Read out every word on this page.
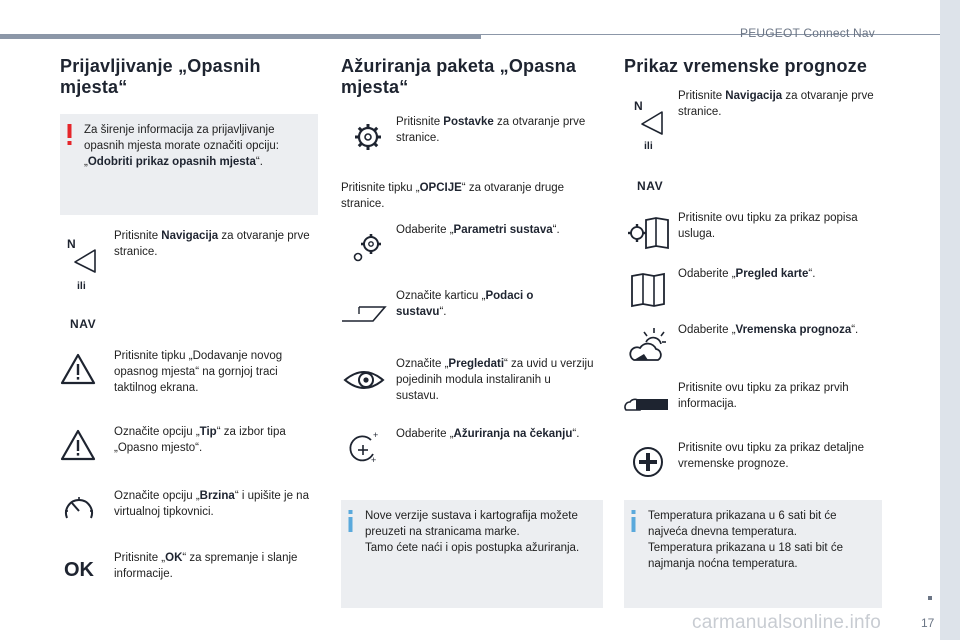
PEUGEOT Connect Nav
Prijavljivanje „Opasnih mjesta“
Za širenje informacija za prijavljivanje opasnih mjesta morate označiti opciju: „Odobriti prikaz opasnih mjesta“.
N
ili
NAV
Pritisnite Navigacija za otvaranje prve stranice.
Pritisnite tipku „Dodavanje novog opasnog mjesta“ na gornjoj traci taktilnog ekrana.
Označite opciju „Tip“ za izbor tipa „Opasno mjesto“.
Označite opciju „Brzina“ i upišite je na virtualnoj tipkovnici.
OK
Pritisnite „OK“ za spremanje i slanje informacije.
Ažuriranja paketa „Opasna mjesta“
Pritisnite Postavke za otvaranje prve stranice.
Pritisnite tipku „OPCIJE“ za otvaranje druge stranice.
Odaberite „Parametri sustava“.
Označite karticu „Podaci o sustavu“.
Označite „Pregledati“ za uvid u verziju pojedinih modula instaliranih u sustavu.
+
+
Odaberite „Ažuriranja na čekanju“.
Nove verzije sustava i kartografija možete preuzeti na stranicama marke.
Tamo ćete naći i opis postupka ažuriranja.
Prikaz vremenske prognoze
N
ili
NAV
Pritisnite Navigacija za otvaranje prve stranice.
Pritisnite ovu tipku za prikaz popisa usluga.
Odaberite „Pregled karte“.
Odaberite „Vremenska prognoza“.
Pritisnite ovu tipku za prikaz prvih informacija.
Pritisnite ovu tipku za prikaz detaljne vremenske prognoze.
Temperatura prikazana u 6 sati bit će najveća dnevna temperatura.
Temperatura prikazana u 18 sati bit će najmanja noćna temperatura.
carmanualsonline.info	17
